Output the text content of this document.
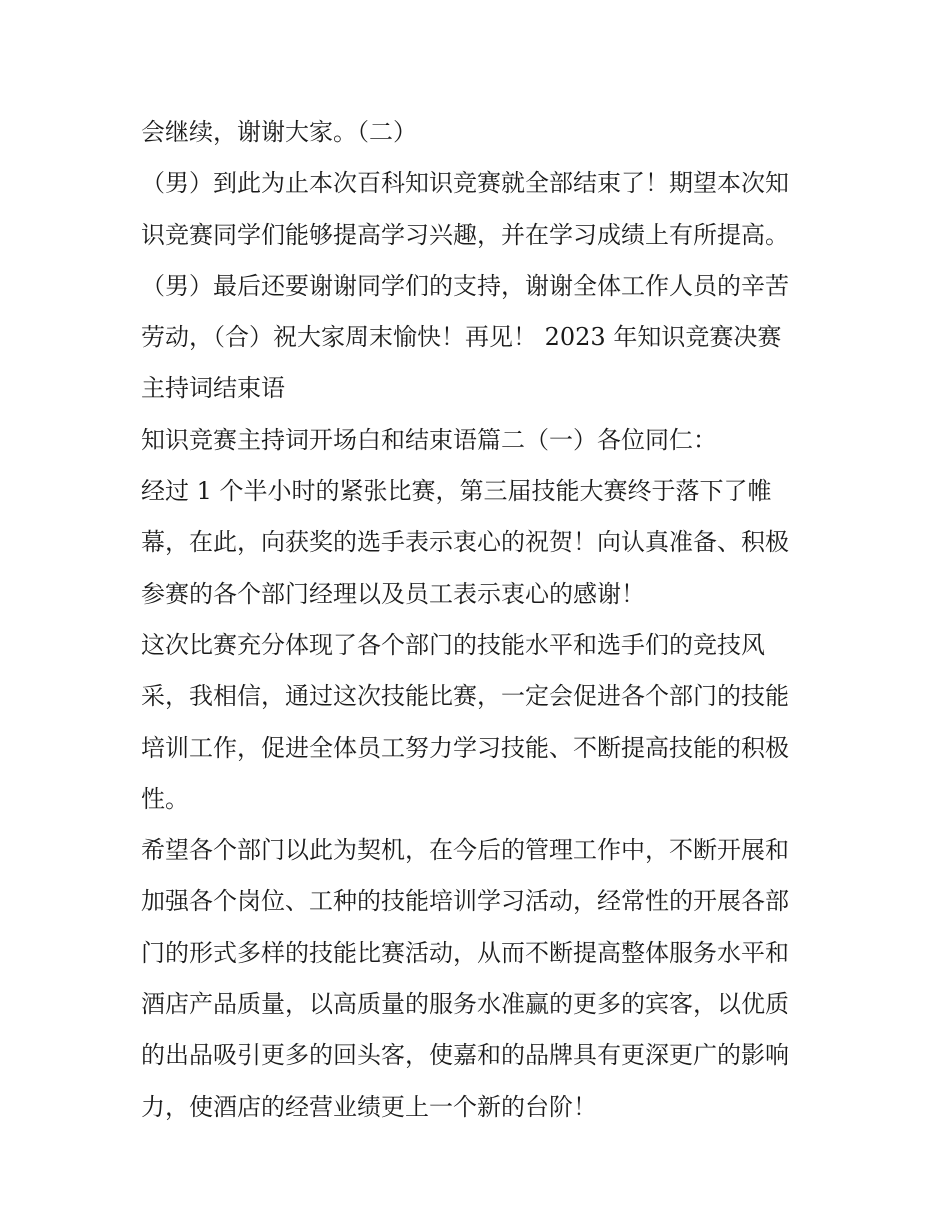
会继续，谢谢大家。（二）
（男）到此为止本次百科知识竞赛就全部结束了！期望本次知
识竞赛同学们能够提高学习兴趣，并在学习成绩上有所提高。
（男）最后还要谢谢同学们的支持，谢谢全体工作人员的辛苦
劳动，（合）祝大家周末愉快！再见！ 2023 年知识竞赛决赛
主持词结束语
知识竞赛主持词开场白和结束语篇二（一）各位同仁：
经过 1 个半小时的紧张比赛，第三届技能大赛终于落下了帷
幕，在此，向获奖的选手表示衷心的祝贺！向认真准备、积极
参赛的各个部门经理以及员工表示衷心的感谢！
这次比赛充分体现了各个部门的技能水平和选手们的竞技风
采，我相信，通过这次技能比赛，一定会促进各个部门的技能
培训工作，促进全体员工努力学习技能、不断提高技能的积极
性。
希望各个部门以此为契机，在今后的管理工作中，不断开展和
加强各个岗位、工种的技能培训学习活动，经常性的开展各部
门的形式多样的技能比赛活动，从而不断提高整体服务水平和
酒店产品质量，以高质量的服务水准赢的更多的宾客，以优质
的出品吸引更多的回头客，使嘉和的品牌具有更深更广的影响
力，使酒店的经营业绩更上一个新的台阶！
